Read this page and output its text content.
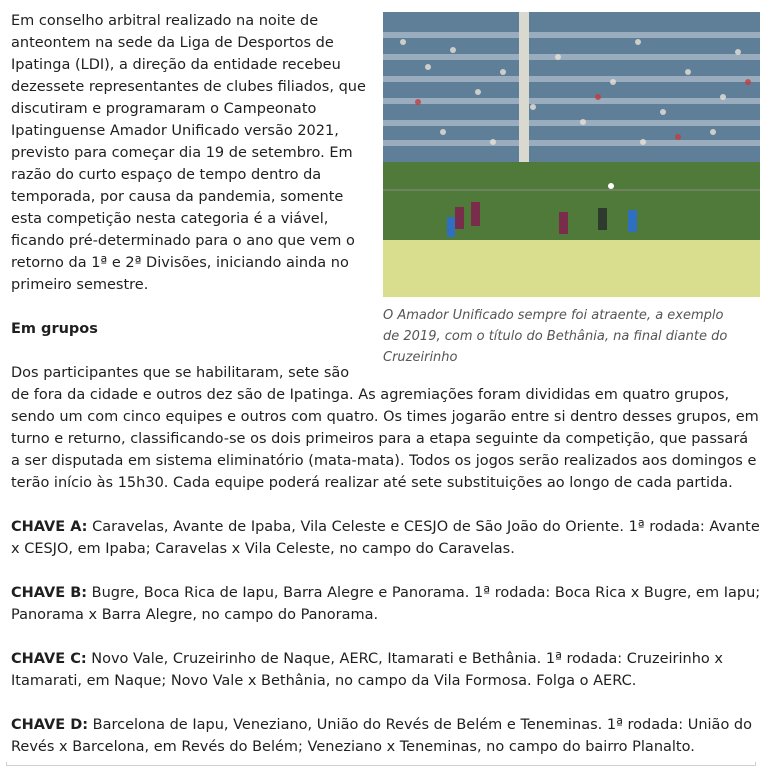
O Amador Unificado sempre foi atraente, a exemplo de 2019, com o título do Bethânia, na final diante do Cruzeirinho

Em conselho arbitral realizado na noite de anteontem na sede da Liga de Desportos de Ipatinga (LDI), a direção da entidade recebeu dezessete representantes de clubes filiados, que discutiram e programaram o Campeonato Ipatinguense Amador Unificado versão 2021, previsto para começar dia 19 de setembro. Em razão do curto espaço de tempo dentro da temporada, por causa da pandemia, somente esta competição nesta categoria é a viável, ficando pré-determinado para o ano que vem o retorno da 1ª e 2ª Divisões, iniciando ainda no primeiro semestre.

Em grupos

Dos participantes que se habilitaram, sete são de fora da cidade e outros dez são de Ipatinga. As agremiações foram divididas em quatro grupos, sendo um com cinco equipes e outros com quatro. Os times jogarão entre si dentro desses grupos, em turno e returno, classificando-se os dois primeiros para a etapa seguinte da competição, que passará a ser disputada em sistema eliminatório (mata-mata). Todos os jogos serão realizados aos domingos e terão início às 15h30. Cada equipe poderá realizar até sete substituições ao longo de cada partida.

CHAVE A: Caravelas, Avante de Ipaba, Vila Celeste e CESJO de São João do Oriente. 1ª rodada: Avante x CESJO, em Ipaba; Caravelas x Vila Celeste, no campo do Caravelas.

CHAVE B: Bugre, Boca Rica de Iapu, Barra Alegre e Panorama. 1ª rodada: Boca Rica x Bugre, em Iapu; Panorama x Barra Alegre, no campo do Panorama.

CHAVE C: Novo Vale, Cruzeirinho de Naque, AERC, Itamarati e Bethânia. 1ª rodada: Cruzeirinho x Itamarati, em Naque; Novo Vale x Bethânia, no campo da Vila Formosa. Folga o AERC.

CHAVE D: Barcelona de Iapu, Veneziano, União do Revés de Belém e Teneminas. 1ª rodada: União do Revés x Barcelona, em Revés do Belém; Veneziano x Teneminas, no campo do bairro Planalto.
